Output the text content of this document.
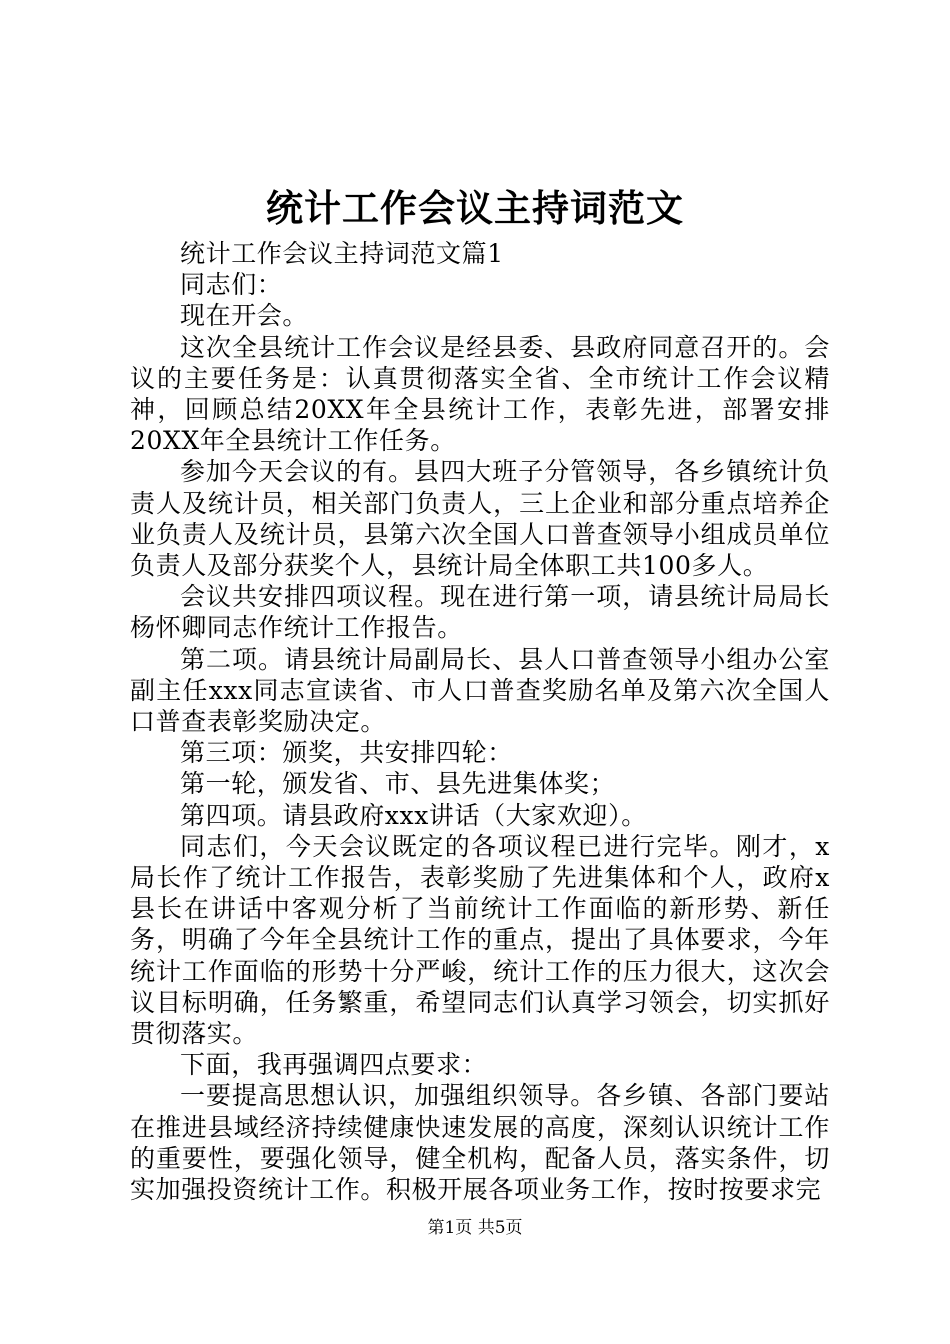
统计工作会议主持词范文

统计工作会议主持词范文篇1

同志们：

现在开会。

这次全县统计工作会议是经县委、县政府同意召开的。会议的主要任务是：认真贯彻落实全省、全市统计工作会议精神，回顾总结20XX年全县统计工作，表彰先进，部署安排20XX年全县统计工作任务。

参加今天会议的有。县四大班子分管领导，各乡镇统计负责人及统计员，相关部门负责人，三上企业和部分重点培养企业负责人及统计员，县第六次全国人口普查领导小组成员单位负责人及部分获奖个人，县统计局全体职工共100多人。

会议共安排四项议程。现在进行第一项，请县统计局局长杨怀卿同志作统计工作报告。

第二项。请县统计局副局长、县人口普查领导小组办公室副主任xxx同志宣读省、市人口普查奖励名单及第六次全国人口普查表彰奖励决定。

第三项：颁奖，共安排四轮：

第一轮，颁发省、市、县先进集体奖；

第四项。请县政府xxx讲话（大家欢迎）。

同志们，今天会议既定的各项议程已进行完毕。刚才，x局长作了统计工作报告，表彰奖励了先进集体和个人，政府x县长在讲话中客观分析了当前统计工作面临的新形势、新任务，明确了今年全县统计工作的重点，提出了具体要求，今年统计工作面临的形势十分严峻，统计工作的压力很大，这次会议目标明确，任务繁重，希望同志们认真学习领会，切实抓好贯彻落实。

下面，我再强调四点要求：

一要提高思想认识，加强组织领导。各乡镇、各部门要站在推进县域经济持续健康快速发展的高度，深刻认识统计工作的重要性，要强化领导，健全机构，配备人员，落实条件，切实加强投资统计工作。积极开展各项业务工作，按时按要求完

第1页 共5页
